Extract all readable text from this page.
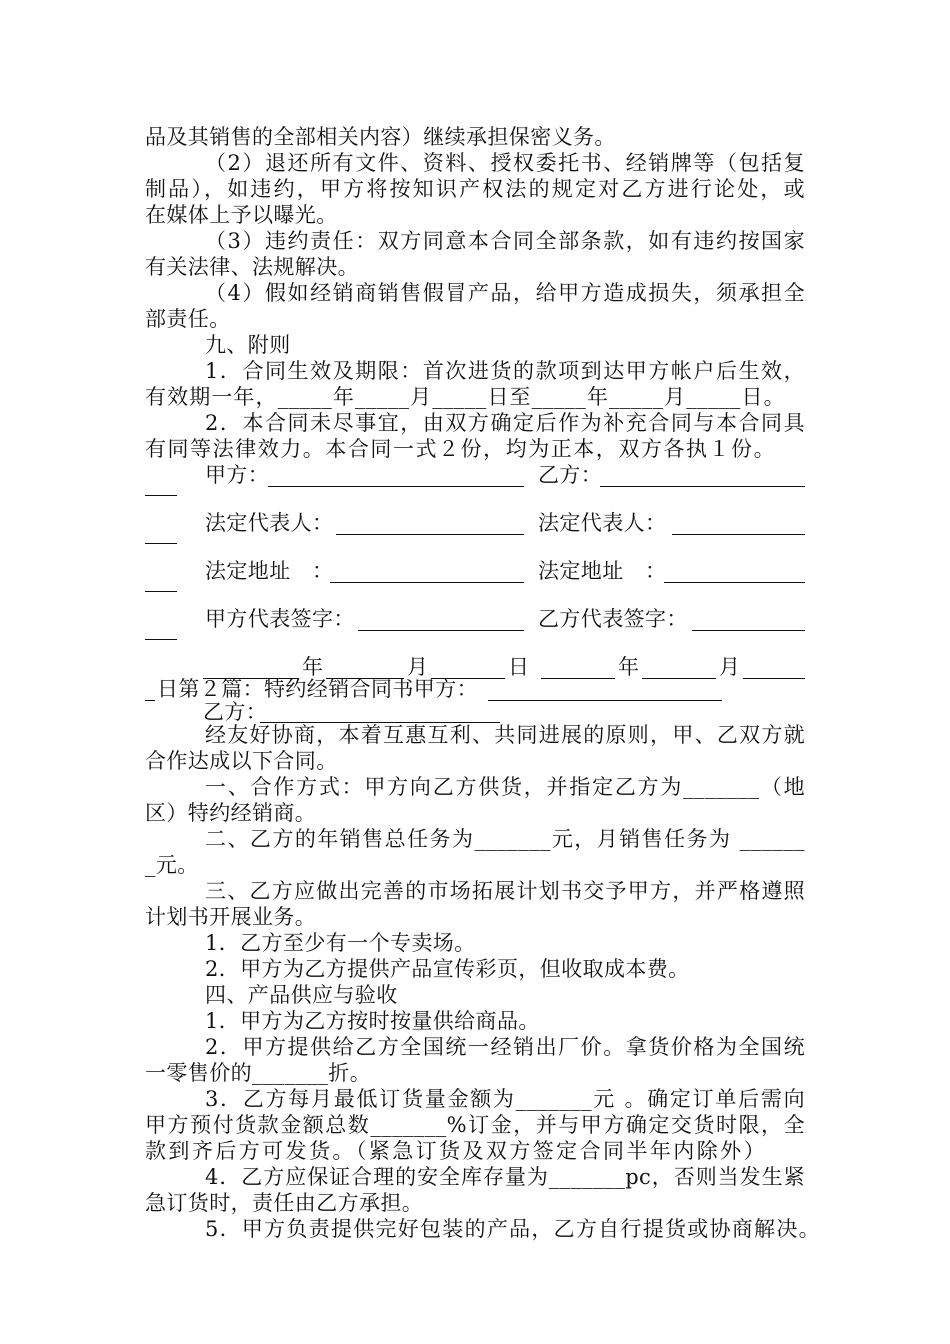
品及其销售的全部相关内容）继续承担保密义务。
（2）退还所有文件、资料、授权委托书、经销牌等（包括复
制品），如违约，甲方将按知识产权法的规定对乙方进行论处，或
在媒体上予以曝光。
（3）违约责任：双方同意本合同全部条款，如有违约按国家
有关法律、法规解决。
（4）假如经销商销售假冒产品，给甲方造成损失，须承担全
部责任。
九、附则
1．合同生效及期限：首次进货的款项到达甲方帐户后生效，
有效期一年，_____年_____月_____日至_____年_____月_____日。
2．本合同未尽事宜，由双方确定后作为补充合同与本合同具
有同等法律效力。本合同一式２份，均为正本，双方各执１份。
甲方：	乙方：
法定代表人：	法定代表人：
法定地址　：	法定地址　：
甲方代表签字：	乙方代表签字：
年	月	日	年	月
日第２篇：特约经销合同书甲方：
乙方：
经友好协商，本着互惠互利、共同进展的原则，甲、乙双方就
合作达成以下合同。
一、合作方式：甲方向乙方供货，并指定乙方为_______（地
区）特约经销商。
二、乙方的年销售总任务为_______元，月销售任务为 ______
_元。
三、乙方应做出完善的市场拓展计划书交予甲方，并严格遵照
计划书开展业务。
1．乙方至少有一个专卖场。
2．甲方为乙方提供产品宣传彩页，但收取成本费。
四、产品供应与验收
1．甲方为乙方按时按量供给商品。
2．甲方提供给乙方全国统一经销出厂价。拿货价格为全国统
一零售价的_______折。
3．乙方每月最低订货量金额为_______元 。确定订单后需向
甲方预付货款金额总数_______%订金，并与甲方确定交货时限，全
款到齐后方可发货。（紧急订货及双方签定合同半年内除外）
4．乙方应保证合理的安全库存量为_______pc，否则当发生紧
急订货时，责任由乙方承担。
5．甲方负责提供完好包装的产品，乙方自行提货或协商解决。
